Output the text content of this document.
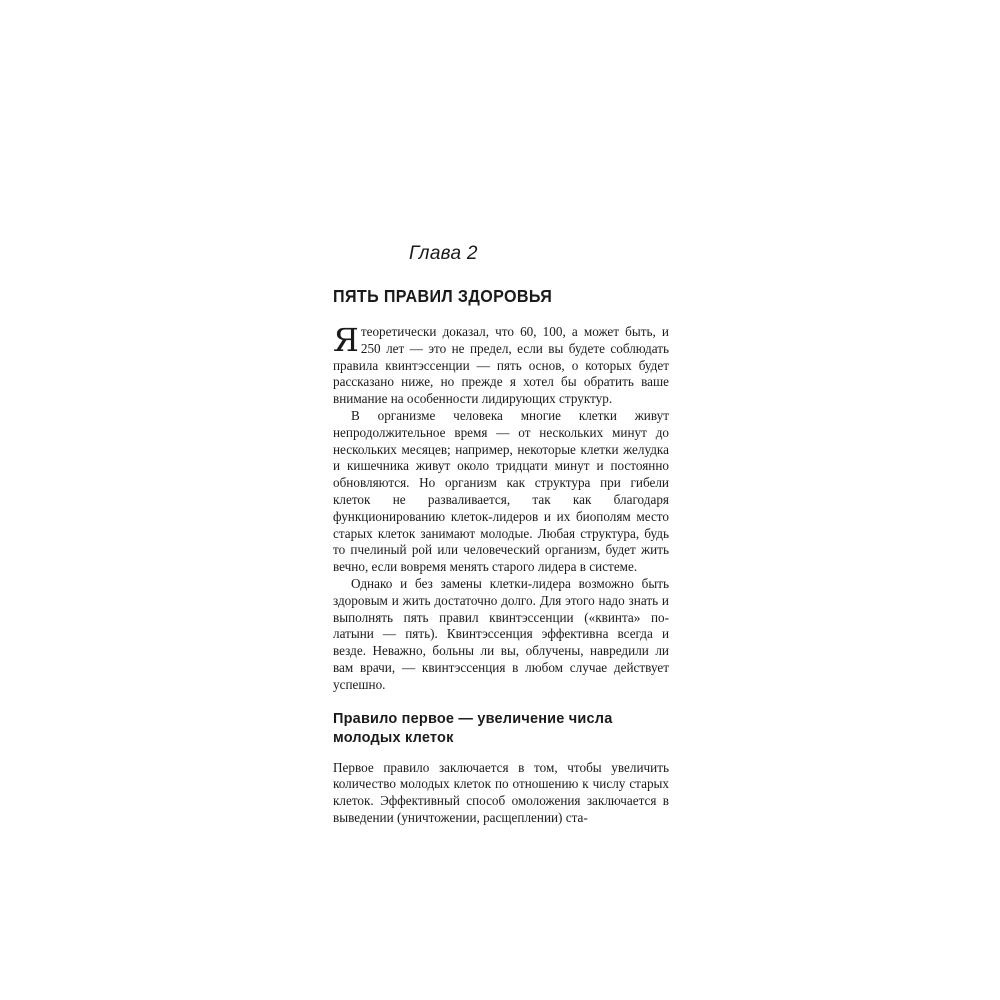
Глава 2
ПЯТЬ ПРАВИЛ ЗДОРОВЬЯ

Ятеоретически доказал, что 60, 100, а может быть, и 250 лет — это не предел, если вы будете соблюдать правила квинтэссенции — пять основ, о которых будет рассказано ниже, но прежде я хотел бы обратить ваше внимание на особенности лидирующих структур.

В организме человека многие клетки живут непродолжительное время — от нескольких минут до нескольких месяцев; например, некоторые клетки желудка и кишечника живут около тридцати минут и постоянно обновляются. Но организм как структура при гибели клеток не разваливается, так как благодаря функционированию клеток-лидеров и их биополям место старых клеток занимают молодые. Любая структура, будь то пчелиный рой или человеческий организм, будет жить вечно, если вовремя менять старого лидера в системе.

Однако и без замены клетки-лидера возможно быть здоровым и жить достаточно долго. Для этого надо знать и выполнять пять правил квинтэссенции («квинта» по-латыни — пять). Квинтэссенция эффективна всегда и везде. Неважно, больны ли вы, облучены, навредили ли вам врачи, — квинтэссенция в любом случае действует успешно.

Правило первое — увеличение числа молодых клеток

Первое правило заключается в том, чтобы увеличить количество молодых клеток по отношению к числу старых клеток. Эффективный способ омоложения заключается в выведении (уничтожении, расщеплении) ста-
